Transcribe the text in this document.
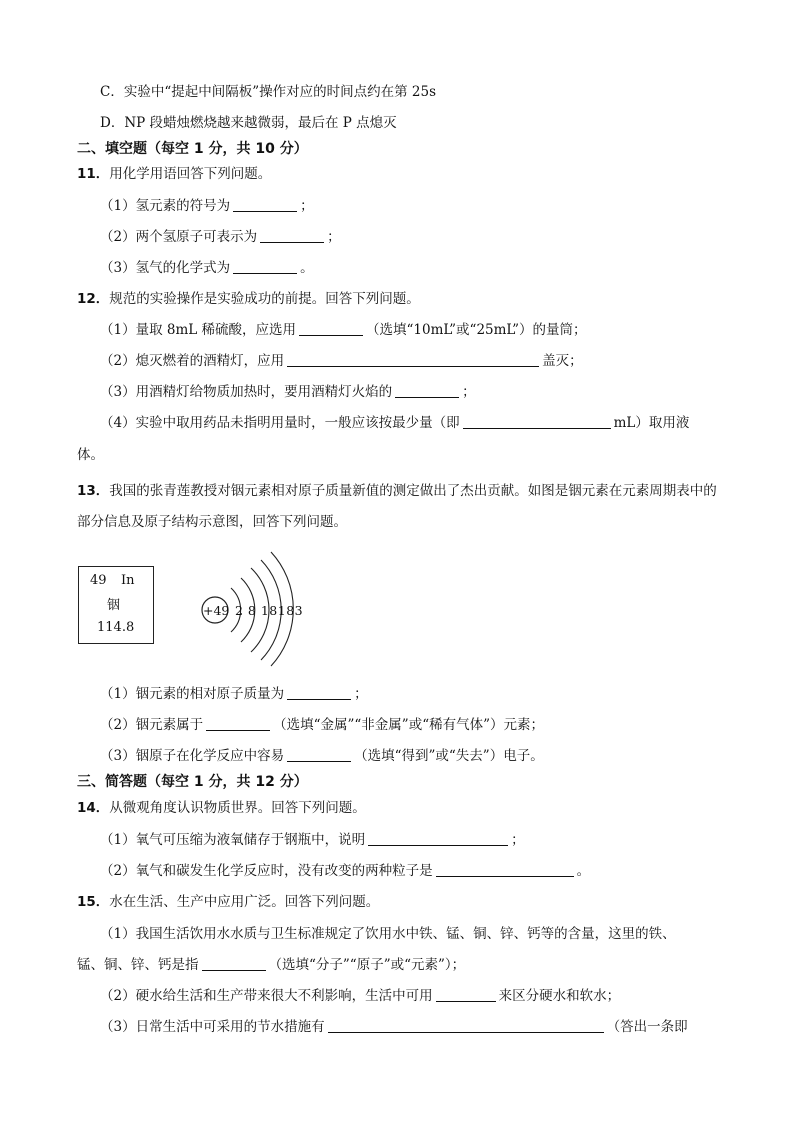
C．实验中“提起中间隔板”操作对应的时间点约在第 25s
D．NP 段蜡烛燃烧越来越微弱，最后在 P 点熄灭
二、填空题（每空 1 分，共 10 分）
11．用化学用语回答下列问题。
（1）氢元素的符号为	；
（2）两个氢原子可表示为	；
（3）氢气的化学式为	。
12．规范的实验操作是实验成功的前提。回答下列问题。
（1）量取 8mL 稀硫酸，应选用	（选填“10mL”或“25mL”）的量筒；
（2）熄灭燃着的酒精灯，应用	盖灭；
（3）用酒精灯给物质加热时，要用酒精灯火焰的	；
（4）实验中取用药品未指明用量时，一般应该按最少量（即	mL）取用液
体。
13．我国的张青莲教授对铟元素相对原子质量新值的测定做出了杰出贡献。如图是铟元素在元素周期表中的部分信息及原子结构示意图，回答下列问题。
49 In
铟
114.8
+49 2 8 18183
（1）铟元素的相对原子质量为	；
（2）铟元素属于	（选填“金属”“非金属”或“稀有气体”）元素；
（3）铟原子在化学反应中容易	（选填“得到”或“失去”）电子。
三、简答题（每空 1 分，共 12 分）
14．从微观角度认识物质世界。回答下列问题。
（1）氧气可压缩为液氧储存于钢瓶中，说明	；
（2）氧气和碳发生化学反应时，没有改变的两种粒子是	。
15．水在生活、生产中应用广泛。回答下列问题。
（1）我国生活饮用水水质与卫生标准规定了饮用水中铁、锰、铜、锌、钙等的含量，这里的铁、
锰、铜、锌、钙是指	（选填“分子”“原子”或“元素”）；
（2）硬水给生活和生产带来很大不利影响，生活中可用	来区分硬水和软水；
（3）日常生活中可采用的节水措施有	（答出一条即
